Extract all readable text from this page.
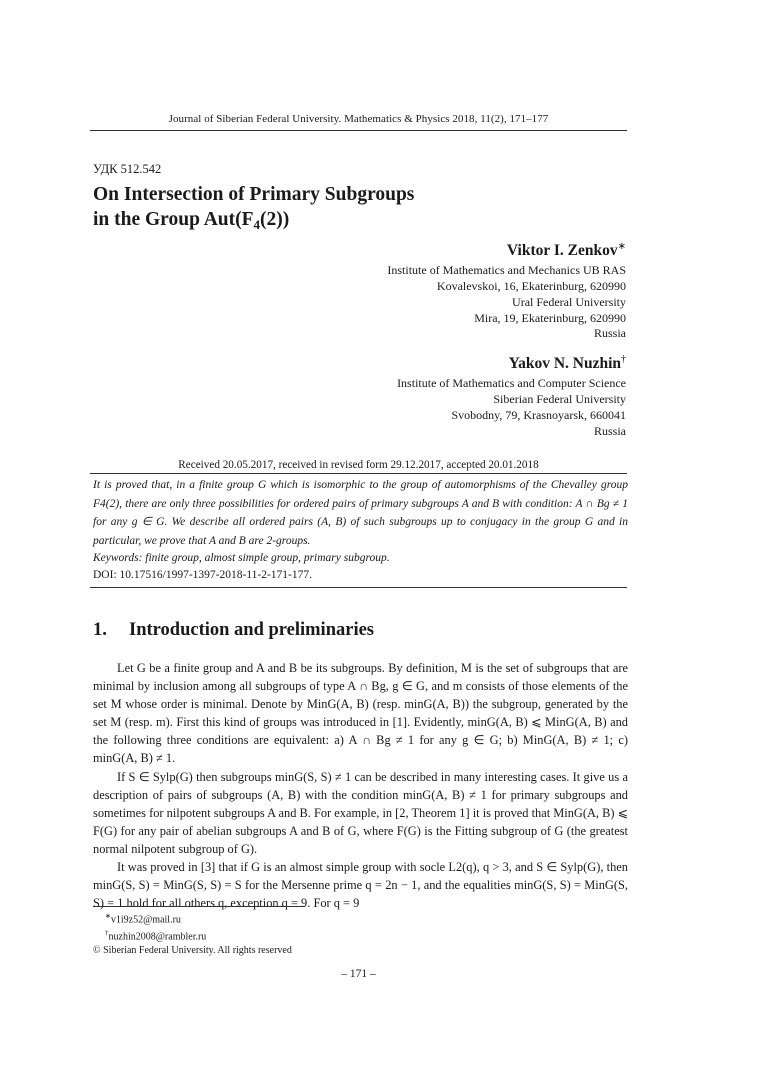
Journal of Siberian Federal University. Mathematics & Physics 2018, 11(2), 171–177
УДК 512.542
On Intersection of Primary Subgroups
in the Group $Aut(F_4(2))$
Viktor I. Zenkov∗
Institute of Mathematics and Mechanics UB RAS
Kovalevskoi, 16, Ekaterinburg, 620990
Ural Federal University
Mira, 19, Ekaterinburg, 620990
Russia
Yakov N. Nuzhin†
Institute of Mathematics and Computer Science
Siberian Federal University
Svobodny, 79, Krasnoyarsk, 660041
Russia
Received 20.05.2017, received in revised form 29.12.2017, accepted 20.01.2018
It is proved that, in a finite group G which is isomorphic to the group of automorphisms of the Chevalley group F4(2), there are only three possibilities for ordered pairs of primary subgroups A and B with condition: A ∩ Bg ≠ 1 for any g ∈ G. We describe all ordered pairs (A, B) of such subgroups up to conjugacy in the group G and in particular, we prove that A and B are 2-groups.
Keywords: finite group, almost simple group, primary subgroup.
DOI: 10.17516/1997-1397-2018-11-2-171-177.
1. Introduction and preliminaries

Let G be a finite group and A and B be its subgroups. By definition, M is the set of subgroups that are minimal by inclusion among all subgroups of type A ∩ Bg, g ∈ G, and m consists of those elements of the set M whose order is minimal. Denote by MinG(A, B) (resp. minG(A, B)) the subgroup, generated by the set M (resp. m). First this kind of groups was introduced in [1]. Evidently, minG(A, B) ⩽ MinG(A, B) and the following three conditions are equivalent: a) A ∩ Bg ≠ 1 for any g ∈ G; b) MinG(A, B) ≠ 1; c) minG(A, B) ≠ 1.

If S ∈ Sylp(G) then subgroups minG(S, S) ≠ 1 can be described in many interesting cases. It give us a description of pairs of subgroups (A, B) with the condition minG(A, B) ≠ 1 for primary subgroups and sometimes for nilpotent subgroups A and B. For example, in [2, Theorem 1] it is proved that MinG(A, B) ⩽ F(G) for any pair of abelian subgroups A and B of G, where F(G) is the Fitting subgroup of G (the greatest normal nilpotent subgroup of G).

It was proved in [3] that if G is an almost simple group with socle L2(q), q > 3, and S ∈ Sylp(G), then minG(S, S) = MinG(S, S) = S for the Mersenne prime q = 2n − 1, and the equalities minG(S, S) = MinG(S, S) = 1 hold for all others q, exception q = 9. For q = 9

∗v1i9z52@mail.ru
†nuzhin2008@rambler.ru
© Siberian Federal University. All rights reserved
– 171 –
